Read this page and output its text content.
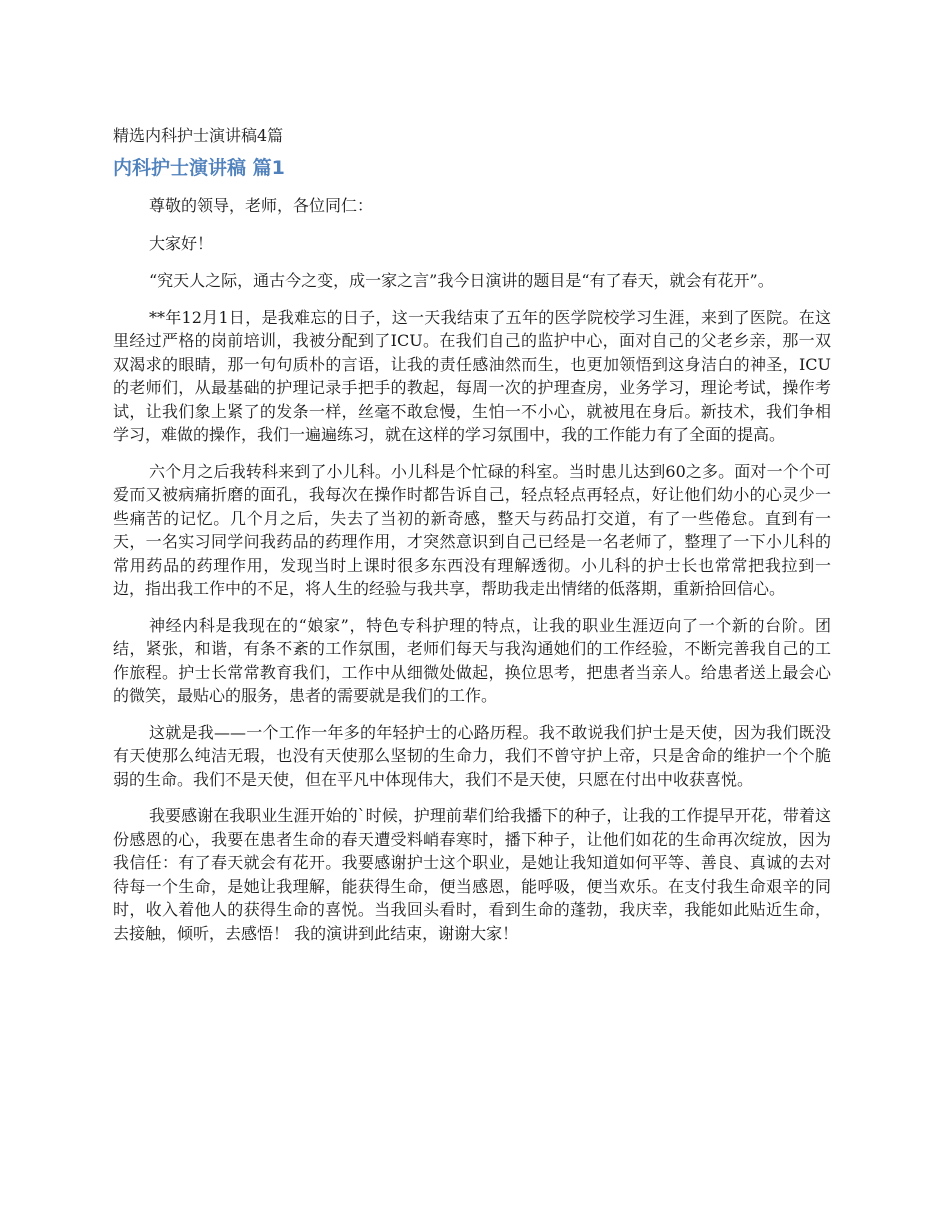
精选内科护士演讲稿4篇
内科护士演讲稿 篇1

尊敬的领导，老师，各位同仁：

大家好！

“究天人之际，通古今之变，成一家之言”我今日演讲的题目是“有了春天，就会有花开”。

**年12月1日，是我难忘的日子，这一天我结束了五年的医学院校学习生涯，来到了医院。在这里经过严格的岗前培训，我被分配到了ICU。在我们自己的监护中心，面对自己的父老乡亲，那一双双渴求的眼睛，那一句句质朴的言语，让我的责任感油然而生，也更加领悟到这身洁白的神圣，ICU的老师们，从最基础的护理记录手把手的教起，每周一次的护理查房，业务学习，理论考试，操作考试，让我们象上紧了的发条一样，丝毫不敢怠慢，生怕一不小心，就被甩在身后。新技术，我们争相学习，难做的操作，我们一遍遍练习，就在这样的学习氛围中，我的工作能力有了全面的提高。

六个月之后我转科来到了小儿科。小儿科是个忙碌的科室。当时患儿达到60之多。面对一个个可爱而又被病痛折磨的面孔，我每次在操作时都告诉自己，轻点轻点再轻点，好让他们幼小的心灵少一些痛苦的记忆。几个月之后，失去了当初的新奇感，整天与药品打交道，有了一些倦怠。直到有一天，一名实习同学问我药品的药理作用，才突然意识到自己已经是一名老师了，整理了一下小儿科的常用药品的药理作用，发现当时上课时很多东西没有理解透彻。小儿科的护士长也常常把我拉到一边，指出我工作中的不足，将人生的经验与我共享，帮助我走出情绪的低落期，重新拾回信心。

神经内科是我现在的“娘家”，特色专科护理的特点，让我的职业生涯迈向了一个新的台阶。团结，紧张，和谐，有条不紊的工作氛围，老师们每天与我沟通她们的工作经验，不断完善我自己的工作旅程。护士长常常教育我们，工作中从细微处做起，换位思考，把患者当亲人。给患者送上最会心的微笑，最贴心的服务，患者的需要就是我们的工作。

这就是我——一个工作一年多的年轻护士的心路历程。我不敢说我们护士是天使，因为我们既没有天使那么纯洁无瑕，也没有天使那么坚韧的生命力，我们不曾守护上帝，只是舍命的维护一个个脆弱的生命。我们不是天使，但在平凡中体现伟大，我们不是天使，只愿在付出中收获喜悦。

我要感谢在我职业生涯开始的`时候，护理前辈们给我播下的种子，让我的工作提早开花，带着这份感恩的心，我要在患者生命的春天遭受料峭春寒时，播下种子，让他们如花的生命再次绽放，因为我信任：有了春天就会有花开。我要感谢护士这个职业，是她让我知道如何平等、善良、真诚的去对待每一个生命，是她让我理解，能获得生命，便当感恩，能呼吸，便当欢乐。在支付我生命艰辛的同时，收入着他人的获得生命的喜悦。当我回头看时，看到生命的蓬勃，我庆幸，我能如此贴近生命，去接触，倾听，去感悟！ 我的演讲到此结束，谢谢大家！
